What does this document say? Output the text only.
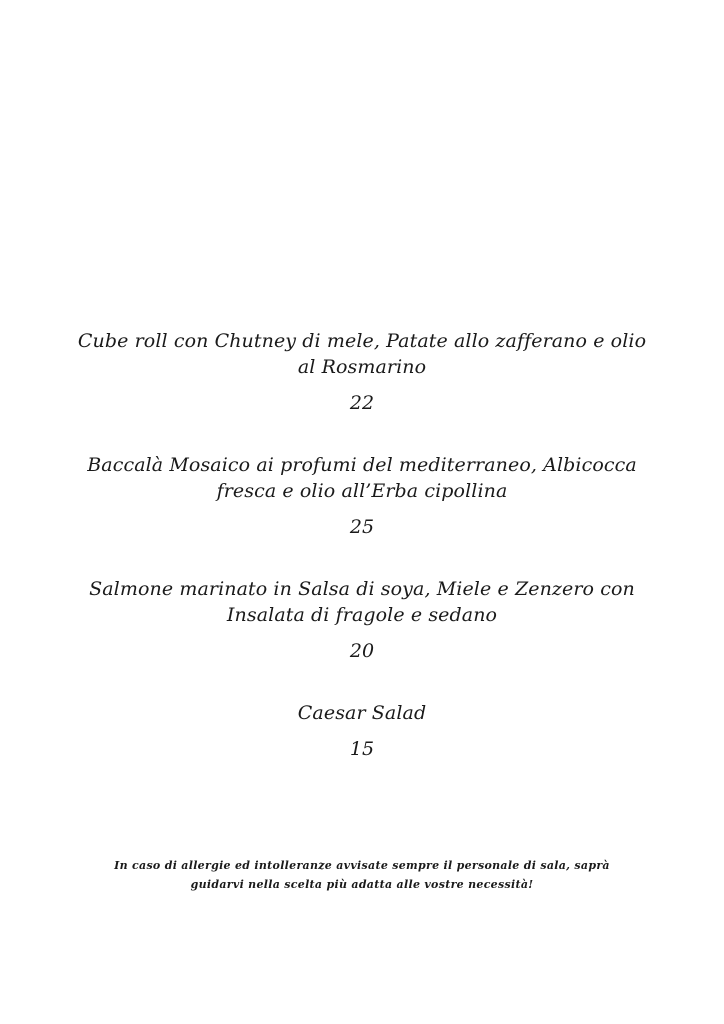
Cube roll con Chutney di mele, Patate allo zafferano e olio
al Rosmarino

22

Baccalà Mosaico ai profumi del mediterraneo, Albicocca
fresca e olio all’Erba cipollina

25

Salmone marinato in Salsa di soya, Miele e Zenzero con
Insalata di fragole e sedano

20

Caesar Salad

15

In caso di allergie ed intolleranze avvisate sempre il personale di sala, saprà
guidarvi nella scelta più adatta alle vostre necessità!
